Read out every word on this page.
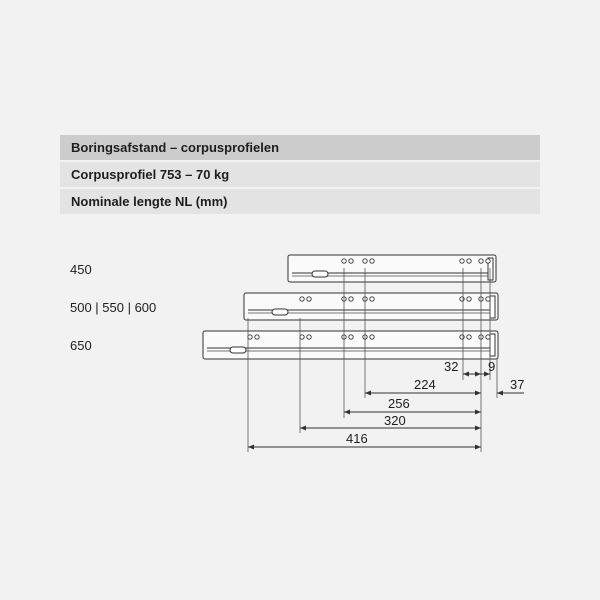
Boringsafstand – corpusprofielen
Corpusprofiel 753 – 70 kg
Nominale lengte NL (mm)
450
500 | 550 | 600
650
32 9
224	37
256
320
416
